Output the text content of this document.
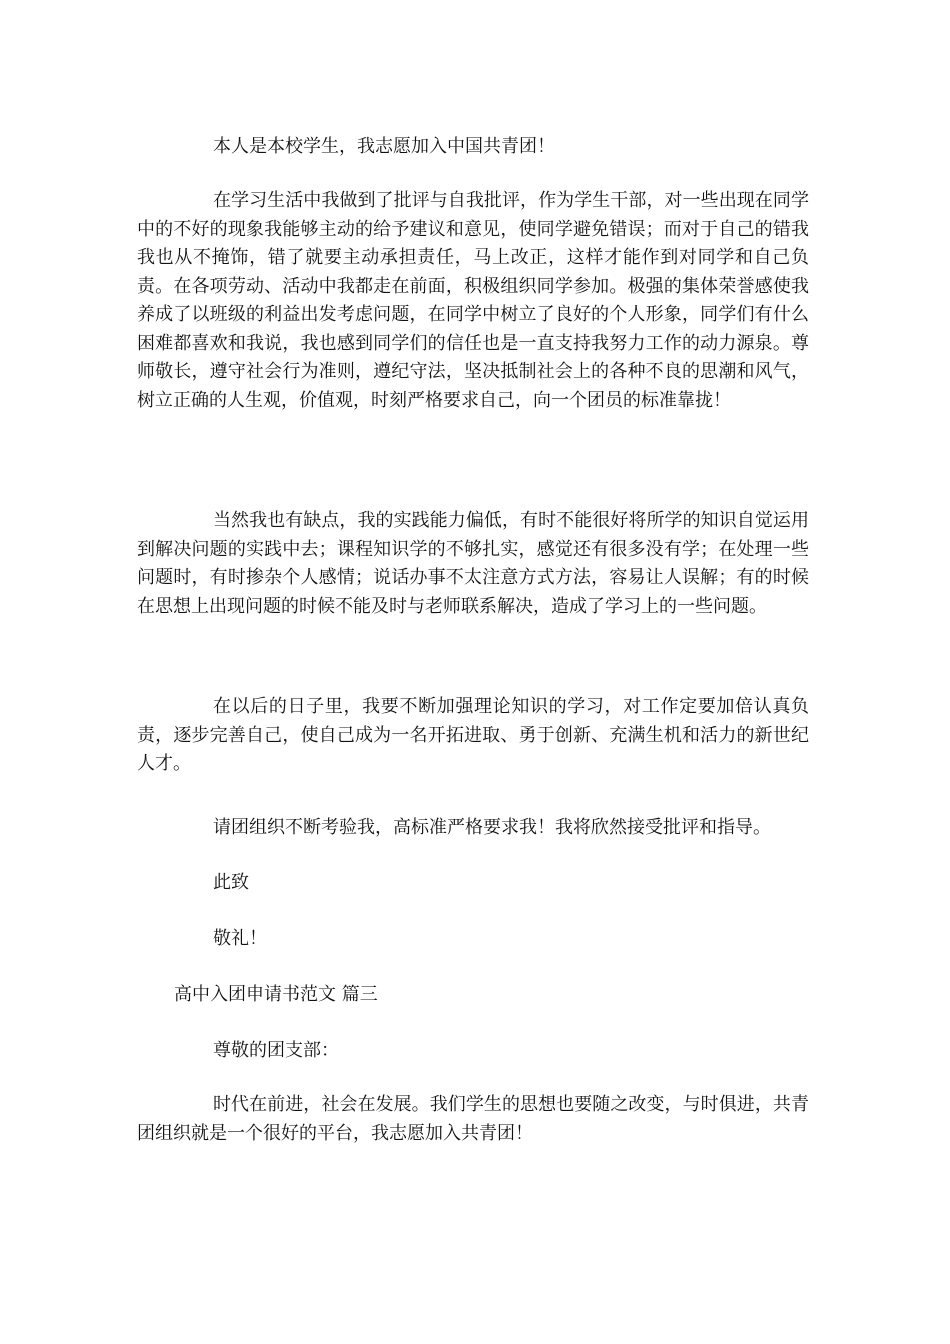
本人是本校学生，我志愿加入中国共青团！

在学习生活中我做到了批评与自我批评，作为学生干部，对一些出现在同学中的不好的现象我能够主动的给予建议和意见，使同学避免错误；而对于自己的错我我也从不掩饰，错了就要主动承担责任，马上改正，这样才能作到对同学和自己负责。在各项劳动、活动中我都走在前面，积极组织同学参加。极强的集体荣誉感使我养成了以班级的利益出发考虑问题，在同学中树立了良好的个人形象，同学们有什么困难都喜欢和我说，我也感到同学们的信任也是一直支持我努力工作的动力源泉。尊师敬长，遵守社会行为准则，遵纪守法，坚决抵制社会上的各种不良的思潮和风气，树立正确的人生观，价值观，时刻严格要求自己，向一个团员的标准靠拢！

当然我也有缺点，我的实践能力偏低，有时不能很好将所学的知识自觉运用到解决问题的实践中去；课程知识学的不够扎实，感觉还有很多没有学；在处理一些问题时，有时掺杂个人感情；说话办事不太注意方式方法，容易让人误解；有的时候在思想上出现问题的时候不能及时与老师联系解决，造成了学习上的一些问题。

在以后的日子里，我要不断加强理论知识的学习，对工作定要加倍认真负责，逐步完善自己，使自己成为一名开拓进取、勇于创新、充满生机和活力的新世纪人才。

请团组织不断考验我，高标准严格要求我！我将欣然接受批评和指导。

此致

敬礼！

高中入团申请书范文 篇三

尊敬的团支部：

时代在前进，社会在发展。我们学生的思想也要随之改变，与时俱进，共青团组织就是一个很好的平台，我志愿加入共青团！
